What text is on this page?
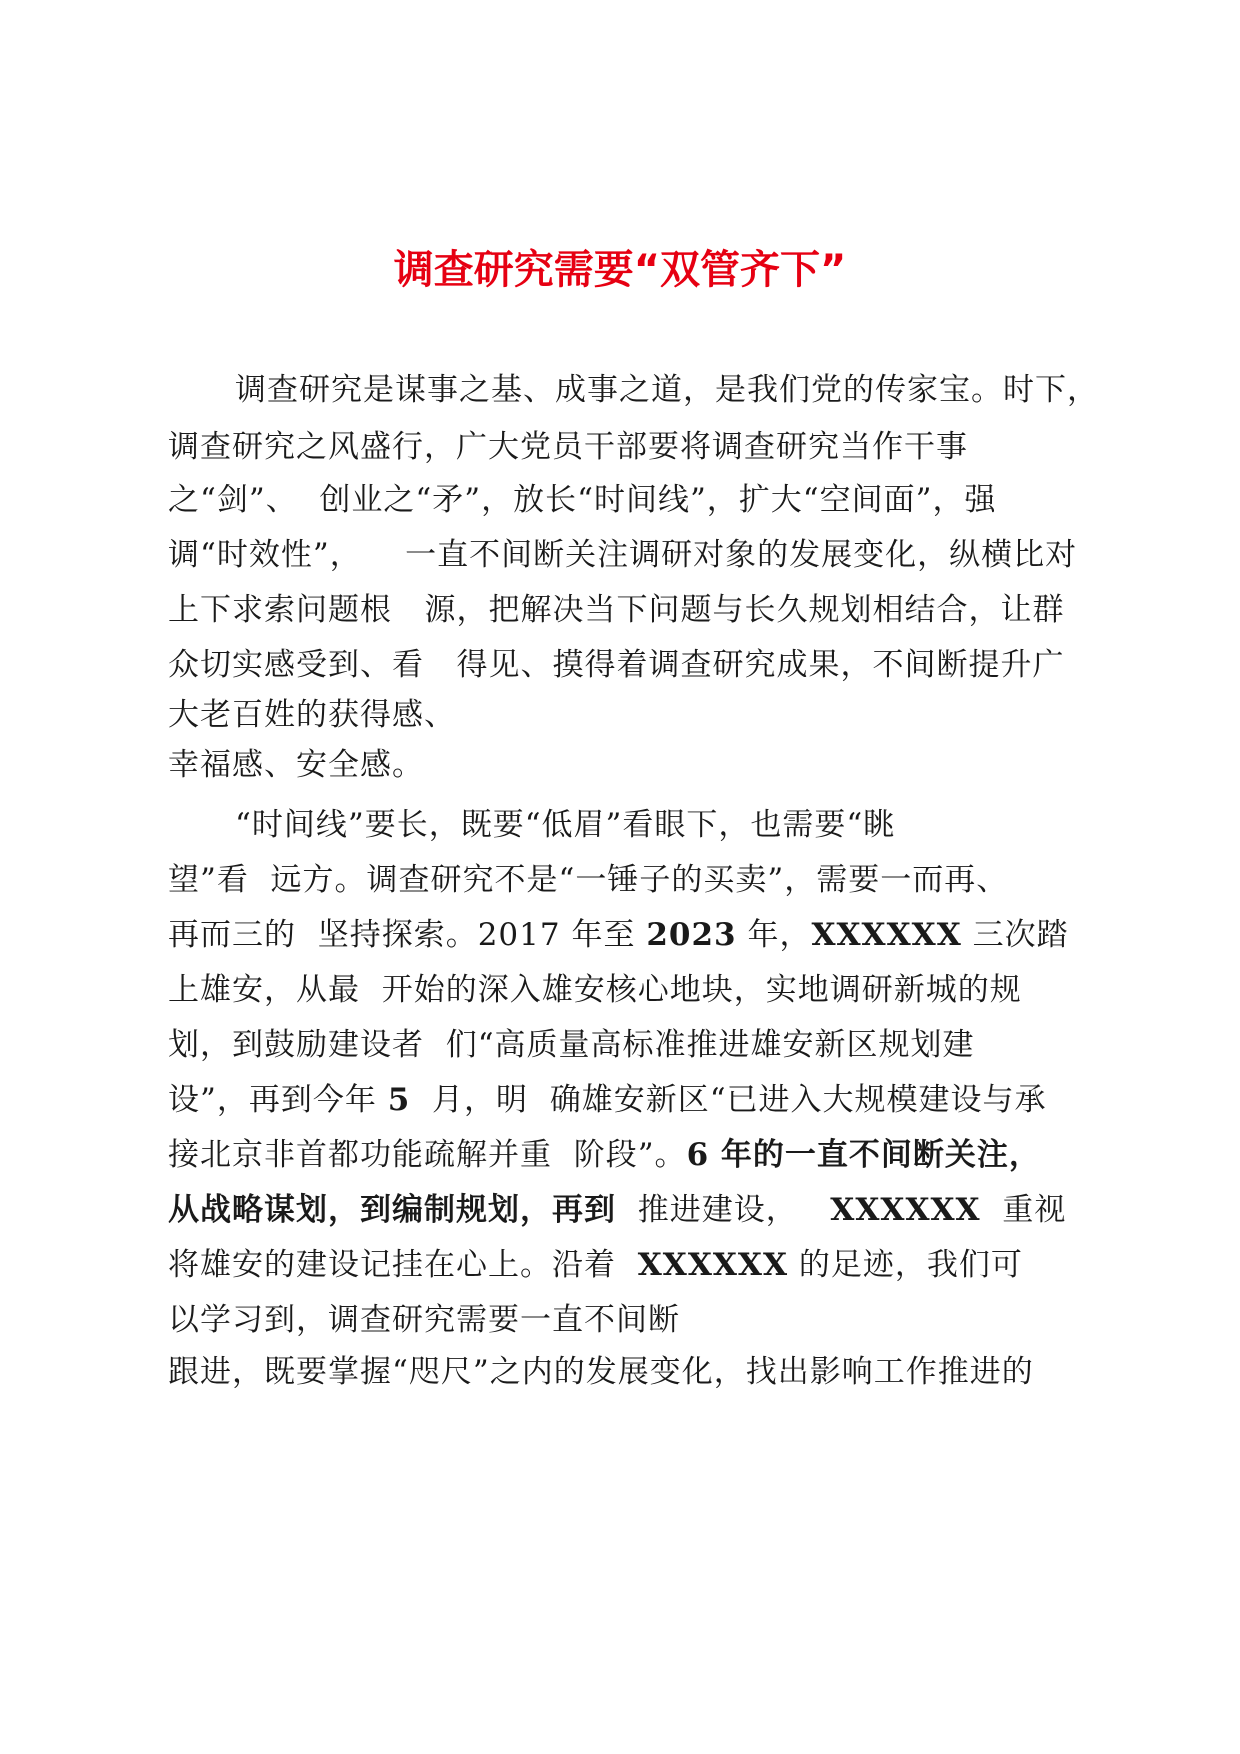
调查研究需要“双管齐下”
调查研究是谋事之基、成事之道，是我们党的传家宝。时下，
调查研究之风盛行，广大党员干部要将调查研究当作干事
之“剑”、  创业之“矛”，放长“时间线”，扩大“空间面”，强
调“时效性”，    一直不间断关注调研对象的发展变化，纵横比对
上下求索问题根   源，把解决当下问题与长久规划相结合，让群
众切实感受到、看   得见、摸得着调查研究成果，不间断提升广
大老百姓的获得感、
幸福感、安全感。
“时间线”要长，既要“低眉”看眼下，也需要“眺
望”看  远方。调查研究不是“一锤子的买卖”，需要一而再、
再而三的  坚持探索。2017 年至 2023 年，XXXXXX 三次踏
上雄安，从最  开始的深入雄安核心地块，实地调研新城的规
划，到鼓励建设者  们“高质量高标准推进雄安新区规划建
设”，再到今年 5  月，明  确雄安新区“已进入大规模建设与承
接北京非首都功能疏解并重  阶段”。6 年的一直不间断关注，
从战略谋划，到编制规划，再到  推进建设，   XXXXXX  重视
将雄安的建设记挂在心上。沿着  XXXXXX 的足迹，我们可
以学习到，调查研究需要一直不间断
跟进，既要掌握“咫尺”之内的发展变化，找出影响工作推进的
